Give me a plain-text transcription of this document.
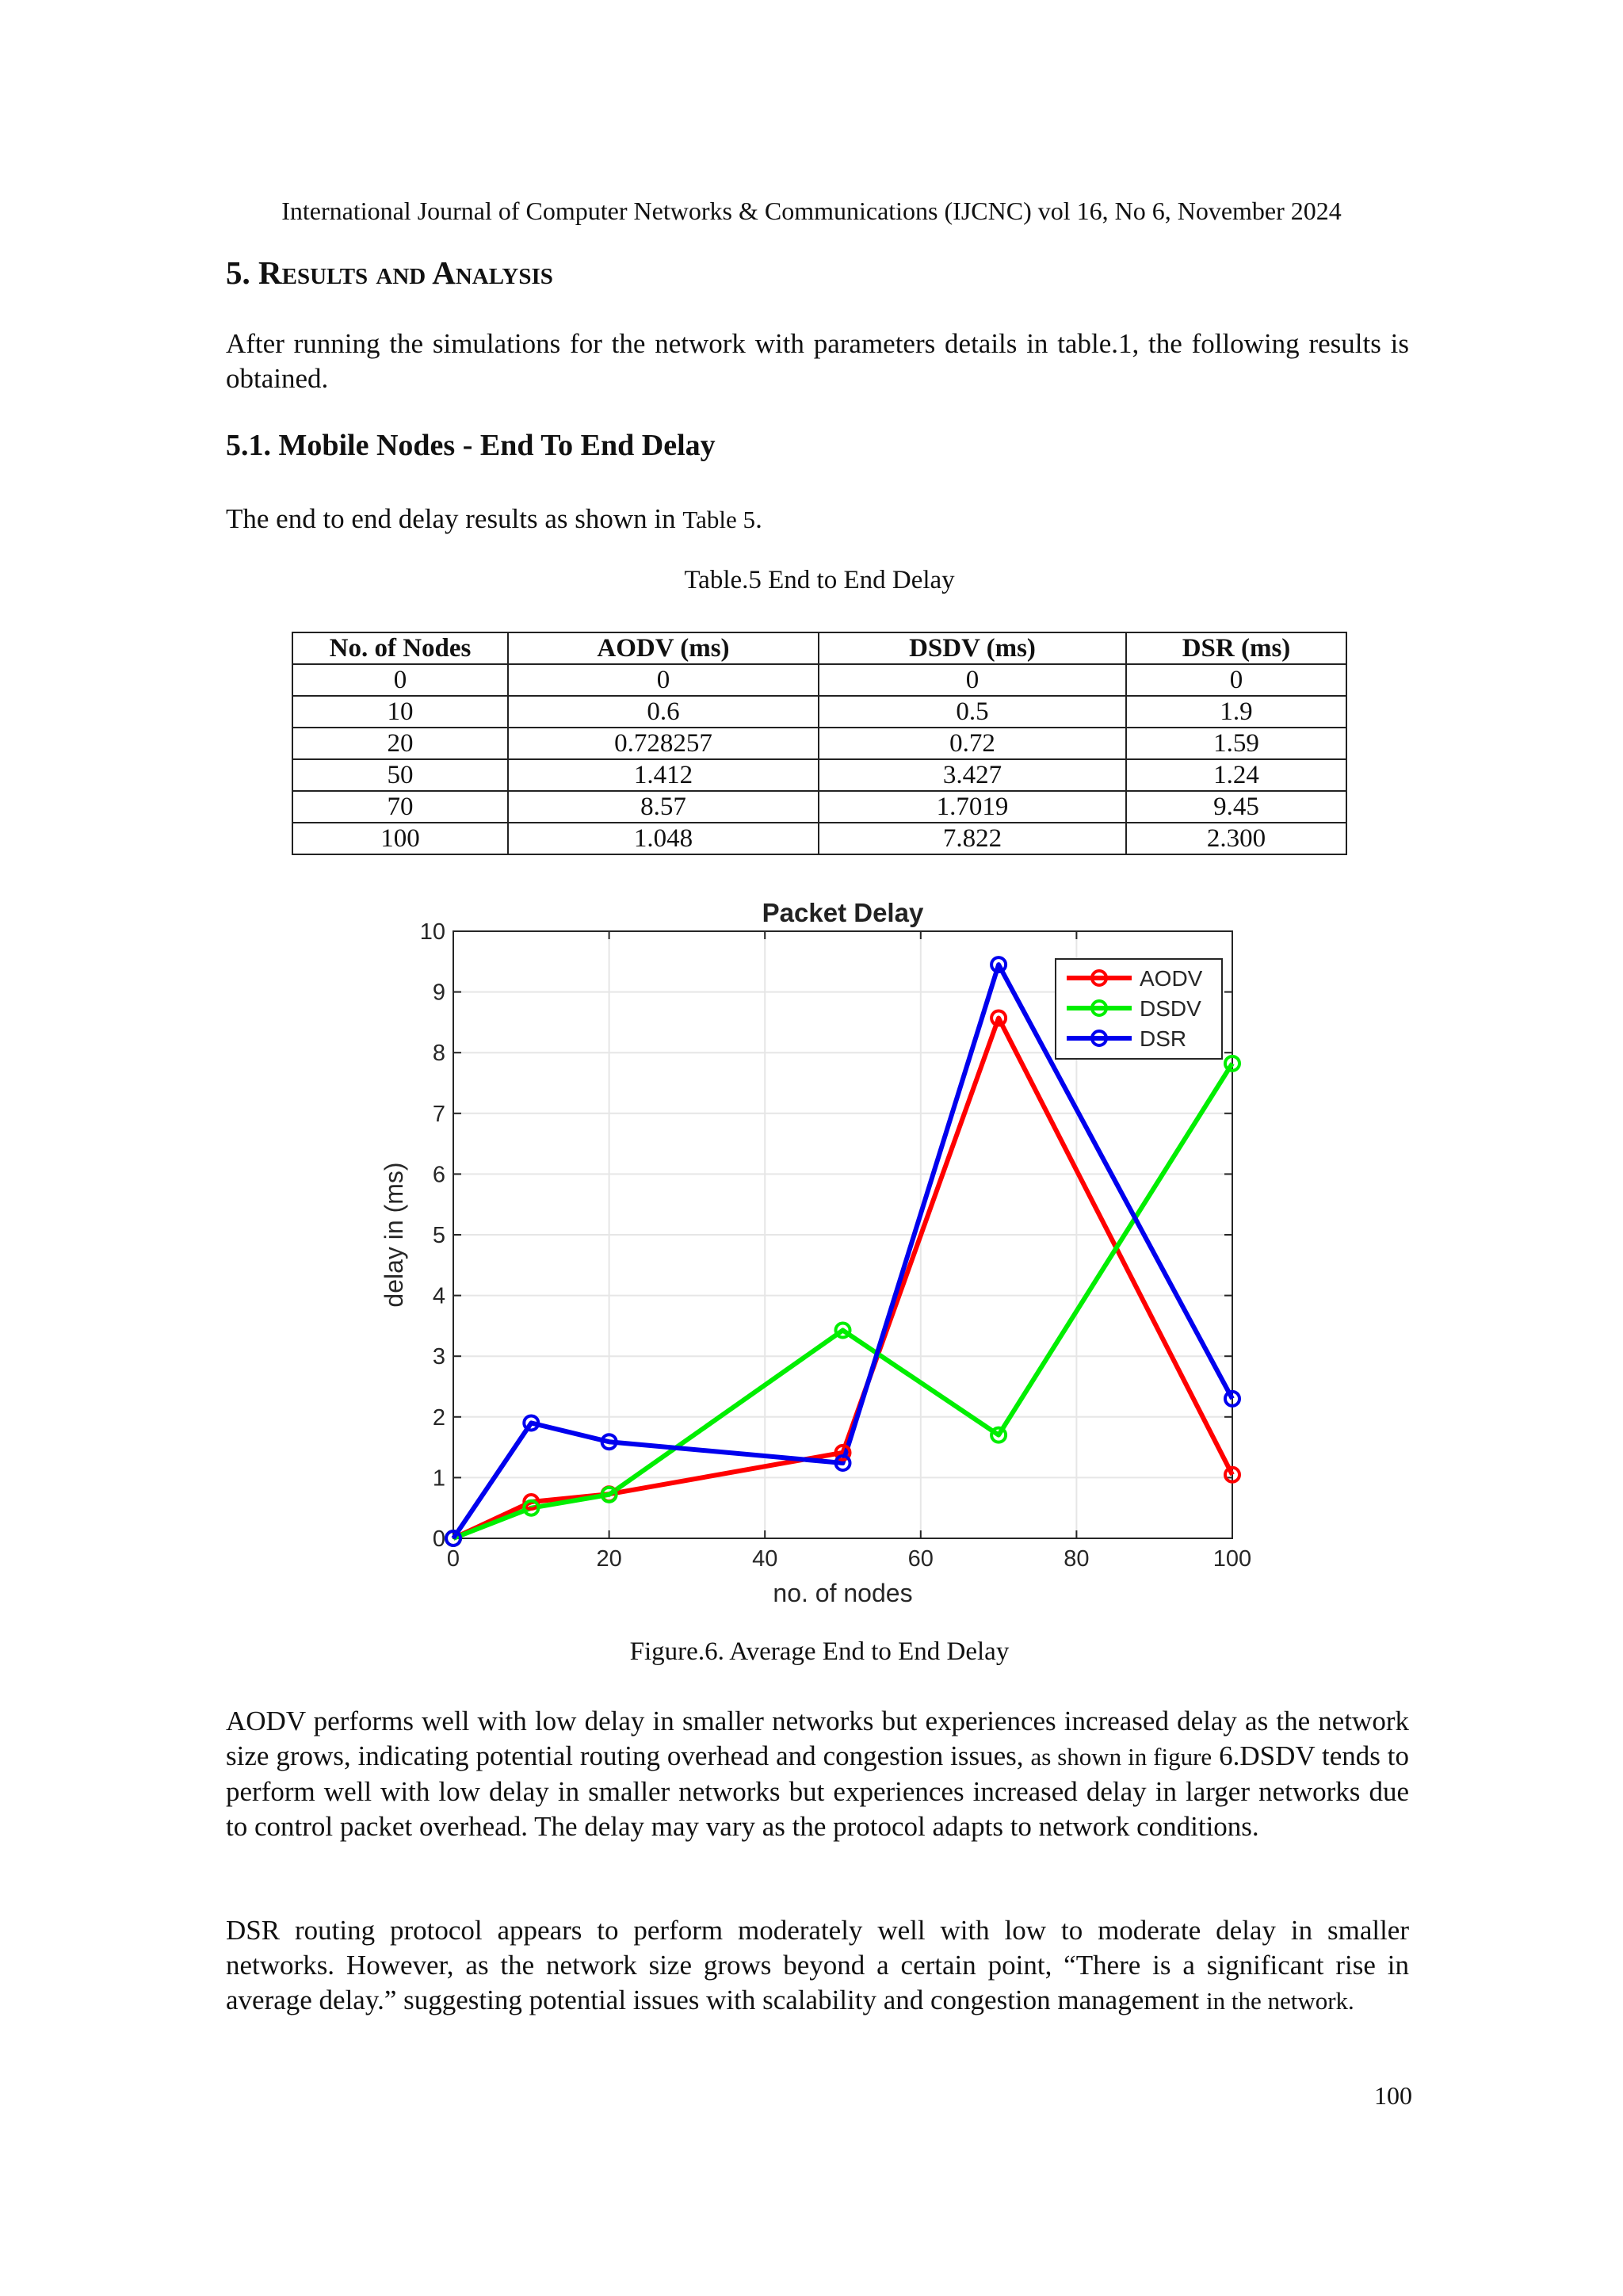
International Journal of Computer Networks & Communications (IJCNC) vol 16, No 6, November 2024
5. Results and Analysis
After running the simulations for the network with parameters details in table.1, the following results is obtained.
5.1. Mobile Nodes - End To End Delay
The end to end delay results as shown in Table 5.
Table.5 End to End Delay
No. of Nodes	AODV (ms)	DSDV (ms)	DSR (ms)
0	0	0	0
10	0.6	0.5	1.9
20	0.728257	0.72	1.59
50	1.412	3.427	1.24
70	8.57	1.7019	9.45
100	1.048	7.822	2.300
0	20	40	60	80	100
0
1
2
3
4
5
6
7
8
9
10
Packet Delay
no. of nodes
delay in (ms)
AODV
DSDV
DSR
Figure.6. Average End to End Delay
AODV performs well with low delay in smaller networks but experiences increased delay as the network size grows, indicating potential routing overhead and congestion issues, as shown in figure 6.DSDV tends to perform well with low delay in smaller networks but experiences increased delay in larger networks due to control packet overhead. The delay may vary as the protocol adapts to network conditions.
DSR routing protocol appears to perform moderately well with low to moderate delay in smaller networks. However, as the network size grows beyond a certain point, “There is a significant rise in average delay.” suggesting potential issues with scalability and congestion management in the network.
100
